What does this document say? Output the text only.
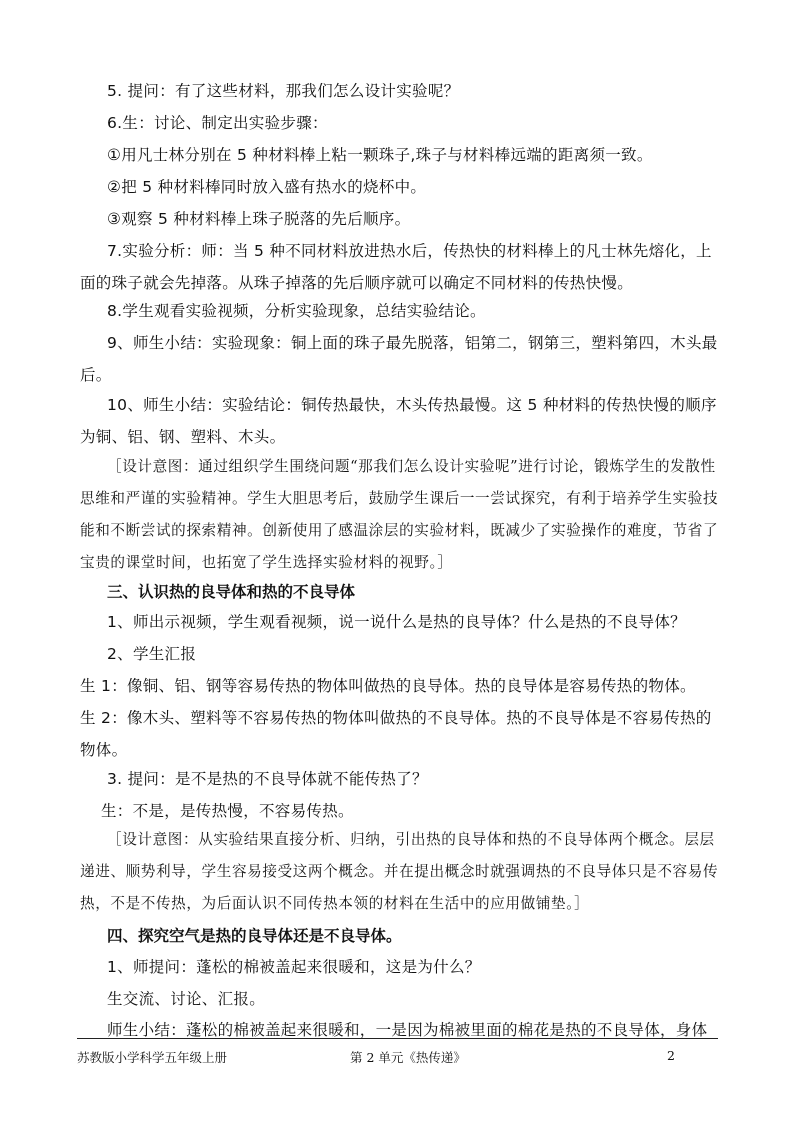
5. 提问：有了这些材料，那我们怎么设计实验呢？
6.生：讨论、制定出实验步骤：
①用凡士林分别在 5 种材料棒上粘一颗珠子,珠子与材料棒远端的距离须一致。
②把 5 种材料棒同时放入盛有热水的烧杯中。
③观察 5 种材料棒上珠子脱落的先后顺序。
7.实验分析：师：当 5 种不同材料放进热水后，传热快的材料棒上的凡士林先熔化，上面的珠子就会先掉落。从珠子掉落的先后顺序就可以确定不同材料的传热快慢。
8.学生观看实验视频，分析实验现象，总结实验结论。
9、师生小结：实验现象：铜上面的珠子最先脱落，铝第二，钢第三，塑料第四，木头最后。
10、师生小结：实验结论：铜传热最快，木头传热最慢。这 5 种材料的传热快慢的顺序为铜、铝、钢、塑料、木头。
［设计意图：通过组织学生围绕问题“那我们怎么设计实验呢”进行讨论，锻炼学生的发散性思维和严谨的实验精神。学生大胆思考后，鼓励学生课后一一尝试探究，有利于培养学生实验技能和不断尝试的探索精神。创新使用了感温涂层的实验材料，既减少了实验操作的难度，节省了宝贵的课堂时间，也拓宽了学生选择实验材料的视野。］
三、认识热的良导体和热的不良导体
1、师出示视频，学生观看视频，说一说什么是热的良导体？什么是热的不良导体？
2、学生汇报
生 1：像铜、铝、钢等容易传热的物体叫做热的良导体。热的良导体是容易传热的物体。
生 2：像木头、塑料等不容易传热的物体叫做热的不良导体。热的不良导体是不容易传热的物体。
3. 提问：是不是热的不良导体就不能传热了？
生：不是，是传热慢，不容易传热。
［设计意图：从实验结果直接分析、归纳，引出热的良导体和热的不良导体两个概念。层层递进、顺势利导，学生容易接受这两个概念。并在提出概念时就强调热的不良导体只是不容易传热，不是不传热，为后面认识不同传热本领的材料在生活中的应用做铺垫。］
四、探究空气是热的良导体还是不良导体。
1、师提问：蓬松的棉被盖起来很暖和，这是为什么？
生交流、讨论、汇报。
师生小结：蓬松的棉被盖起来很暖和，一是因为棉被里面的棉花是热的不良导体，身体
苏教版小学科学五年级上册	第 2 单元《热传递》	2
